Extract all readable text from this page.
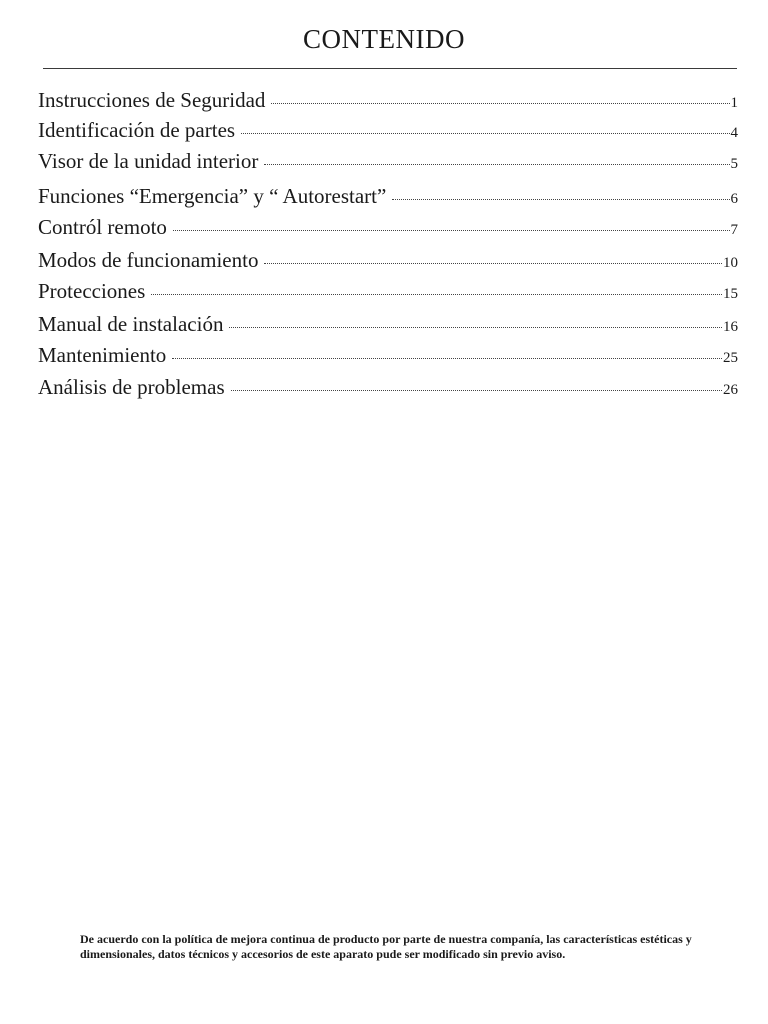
CONTENIDO
Instrucciones de Seguridad	1
Identificación de partes	4
Visor de la unidad interior	5
Funciones “Emergencia” y “ Autorestart”	6
Contról remoto	7
Modos de funcionamiento	10
Protecciones	15
Manual de instalación	16
Mantenimiento	25
Análisis de problemas	26
De acuerdo con la política de mejora continua de producto por parte de nuestra companía, las características estéticas y dimensionales, datos técnicos y accesorios de este aparato pude ser modificado sin previo aviso.
